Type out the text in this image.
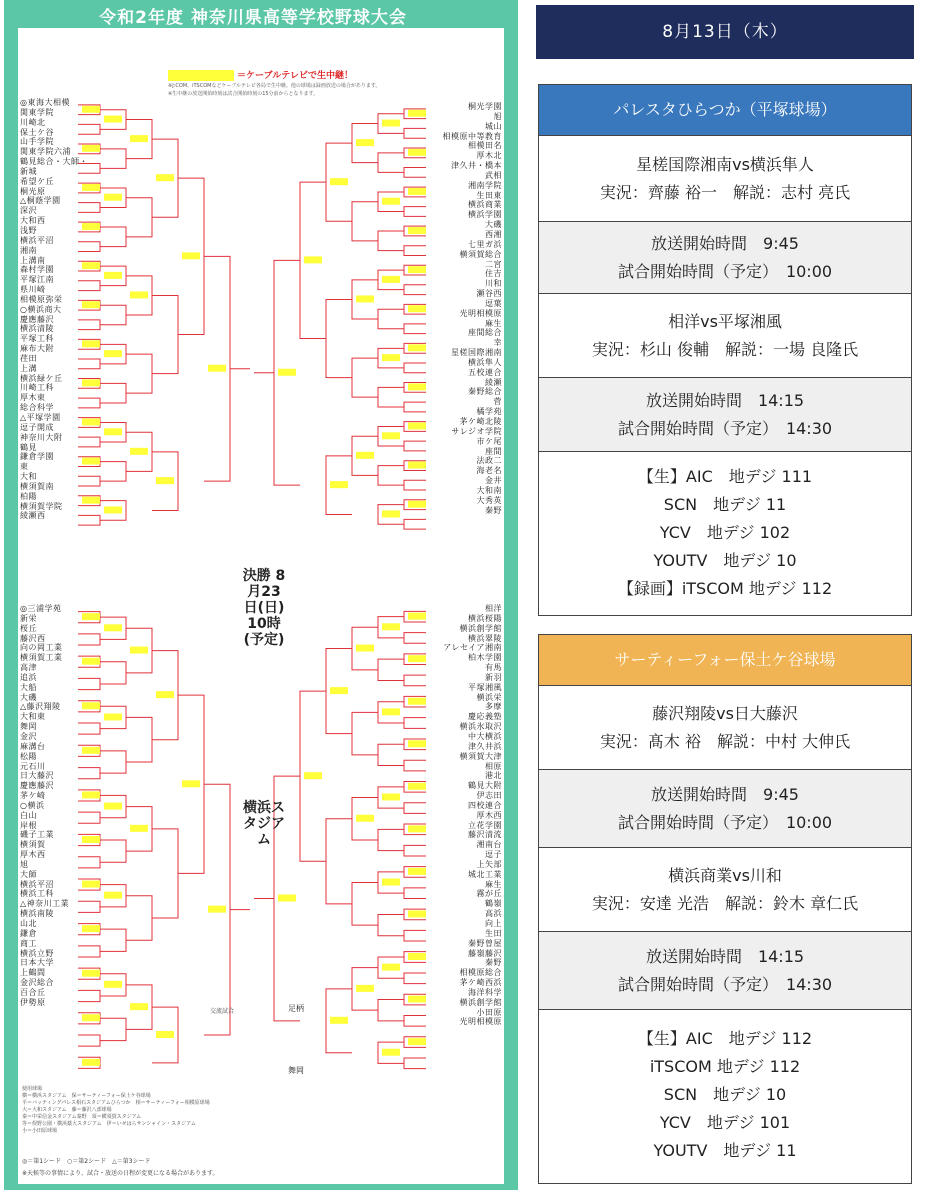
令和2年度 神奈川県高等学校野球大会
＝ケーブルテレビで生中継！
※J:COM、iTSCOMなどケーブルテレビ各局で生中継。他の球場は録画放送の場合があります。
※生中継の放送開始時刻は試合開始時刻の15分前からとなります。
◎東海大相模
関東学院
川崎北
保土ケ谷
山手学院
関東学院六浦
鶴見総合・大師・
新城
希望ケ丘
桐光原
△桐蔭学園
深沢
大和西
浅野
横浜平沼
湘南
上溝南
森村学園
平塚江南
県川崎
相模原弥栄
○横浜商大
慶應藤沢
横浜清陵
平塚工科
麻布大附
荏田
上溝
横浜緑ケ丘
川崎工科
厚木東
総合科学
△平塚学園
逗子開成
神奈川大附
鶴見
鎌倉学園
東
大和
横須賀南
柏陽
横須賀学院
綾瀬西
◎三浦学苑
新栄
桜丘
藤沢西
向の岡工業
横須賀工業
高津
追浜
大船
大磯
△藤沢翔陵
大和東
舞岡
金沢
麻溝台
松陽
元石川
日大藤沢
慶應藤沢
茅ケ崎
○横浜
白山
岸根
磯子工業
横須賀
厚木西
旭
大師
横浜平沼
横浜工科
△神奈川工業
横浜南陵
山北
鎌倉
商工
横浜立野
日本大学
上鶴間
金沢総合
百合丘
伊勢原
桐光学園
旭
城山
相模原中等教育
相模田名
厚木北
津久井・橋本
武相
湘南学院
生田東
横浜商業
横浜学園
大磯
西湘
七里ガ浜
横須賀総合
二宮
住吉
川和
瀬谷西
逗葉
光明相模原
麻生
座間総合
幸
星槎国際湘南
横浜隼人
五校連合
綾瀬
秦野総合
菅
橘学苑
茅ケ崎北陵
サレジオ学院
市ケ尾
座間
法政二
海老名
金井
大和南
大秀英
秦野
相洋
横浜桜陽
横浜創学館
横浜翠陵
アレセイア湘南
柏木学園
有馬
新羽
平塚湘風
横浜栄
多摩
慶応義塾
横浜氷取沢
中大横浜
津久井浜
横須賀大津
相原
港北
鶴見大附
伊志田
四校連合
厚木西
立花学園
藤沢清流
湘南台
逗子
上矢部
城北工業
麻生
霧が丘
鶴嶺
高浜
向上
生田
秦野曽屋
藤嶺藤沢
秦野
相模原総合
茅ケ崎西浜
海洋科学
横浜創学館
小田原
光明相模原
決勝 8月23日(日) 10時(予定)
横浜スタジアム
交流試合	足柄
舞岡
使用球場
横＝横浜スタジアム　保＝サーティーフォー保土ケ谷球場
平＝バッティングパレス相石スタジアムひらつか　相＝サーティーフォー相模原球場
大＝大和スタジアム　藤＝藤沢八部球場
秦＝中栄信金スタジアム秦野　須＝横須賀スタジアム
等＝俣野公園・横浜薬大スタジアム　伊＝いせはらサンシャイン・スタジアム
小＝小田原球場
◎＝第1シード　○＝第2シード　△＝第3シード
※天候等の事情により、試合・放送の日程が変更になる場合があります。
8月13日（木）
パレスタひらつか（平塚球場）
星槎国際湘南vs横浜隼人
実況：齊藤 裕一　解説：志村 亮氏
放送開始時間　9:45
試合開始時間（予定）　10:00
相洋vs平塚湘風
実況：杉山 俊輔　解説：一場 良隆氏
放送開始時間　14:15
試合開始時間（予定）　14:30
【生】AIC　地デジ 111
SCN　地デジ 11
YCV　地デジ 102
YOUTV　地デジ 10
【録画】iTSCOM 地デジ 112
サーティーフォー保土ケ谷球場
藤沢翔陵vs日大藤沢
実況：髙木 裕　解説：中村 大伸氏
放送開始時間　9:45
試合開始時間（予定）　10:00
横浜商業vs川和
実況：安達 光浩　解説：鈴木 章仁氏
放送開始時間　14:15
試合開始時間（予定）　14:30
【生】AIC　地デジ 112
iTSCOM 地デジ 112
SCN　地デジ 10
YCV　地デジ 101
YOUTV　地デジ 11
